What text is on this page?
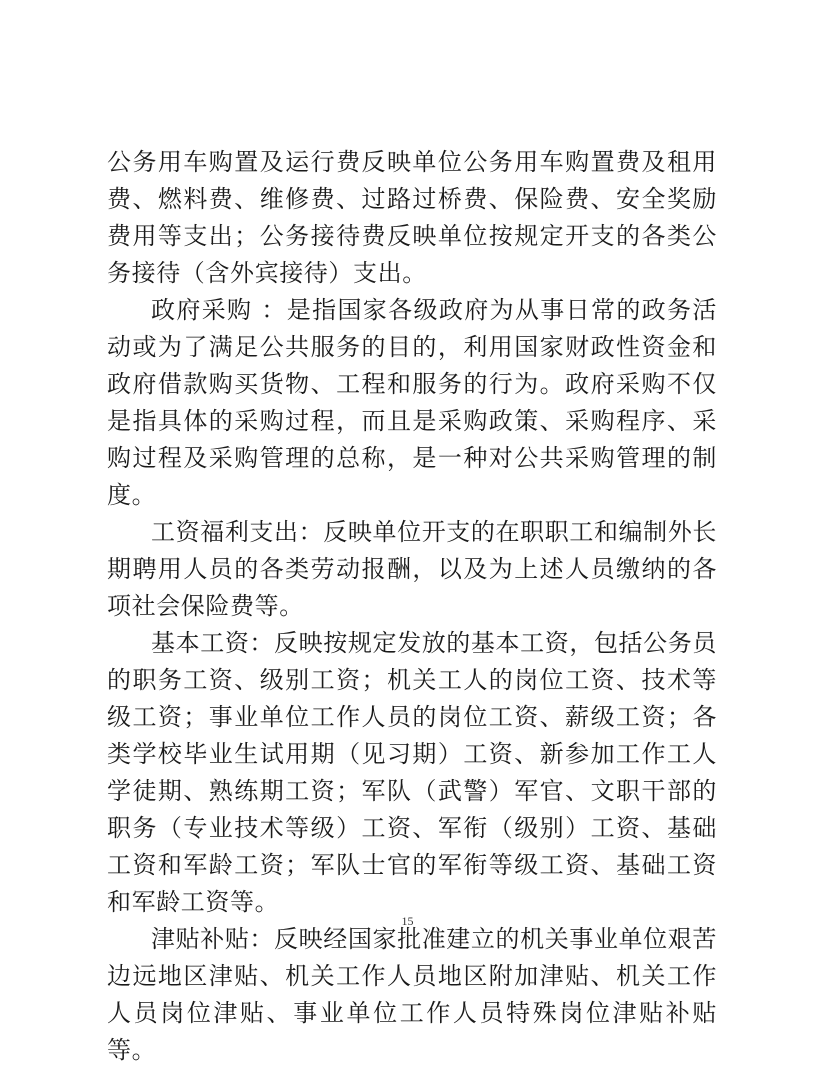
公务用车购置及运行费反映单位公务用车购置费及租用费、燃料费、维修费、过路过桥费、保险费、安全奖励费用等支出；公务接待费反映单位按规定开支的各类公务接待（含外宾接待）支出。

政府采购 ：是指国家各级政府为从事日常的政务活动或为了满足公共服务的目的，利用国家财政性资金和政府借款购买货物、工程和服务的行为。政府采购不仅是指具体的采购过程，而且是采购政策、采购程序、采购过程及采购管理的总称，是一种对公共采购管理的制度。

工资福利支出：反映单位开支的在职职工和编制外长期聘用人员的各类劳动报酬，以及为上述人员缴纳的各项社会保险费等。

基本工资：反映按规定发放的基本工资，包括公务员的职务工资、级别工资；机关工人的岗位工资、技术等级工资；事业单位工作人员的岗位工资、薪级工资；各类学校毕业生试用期（见习期）工资、新参加工作工人学徒期、熟练期工资；军队（武警）军官、文职干部的职务（专业技术等级）工资、军衔（级别）工资、基础工资和军龄工资；军队士官的军衔等级工资、基础工资和军龄工资等。

津贴补贴：反映经国家批准建立的机关事业单位艰苦边远地区津贴、机关工作人员地区附加津贴、机关工作人员岗位津贴、事业单位工作人员特殊岗位津贴补贴等。

15
